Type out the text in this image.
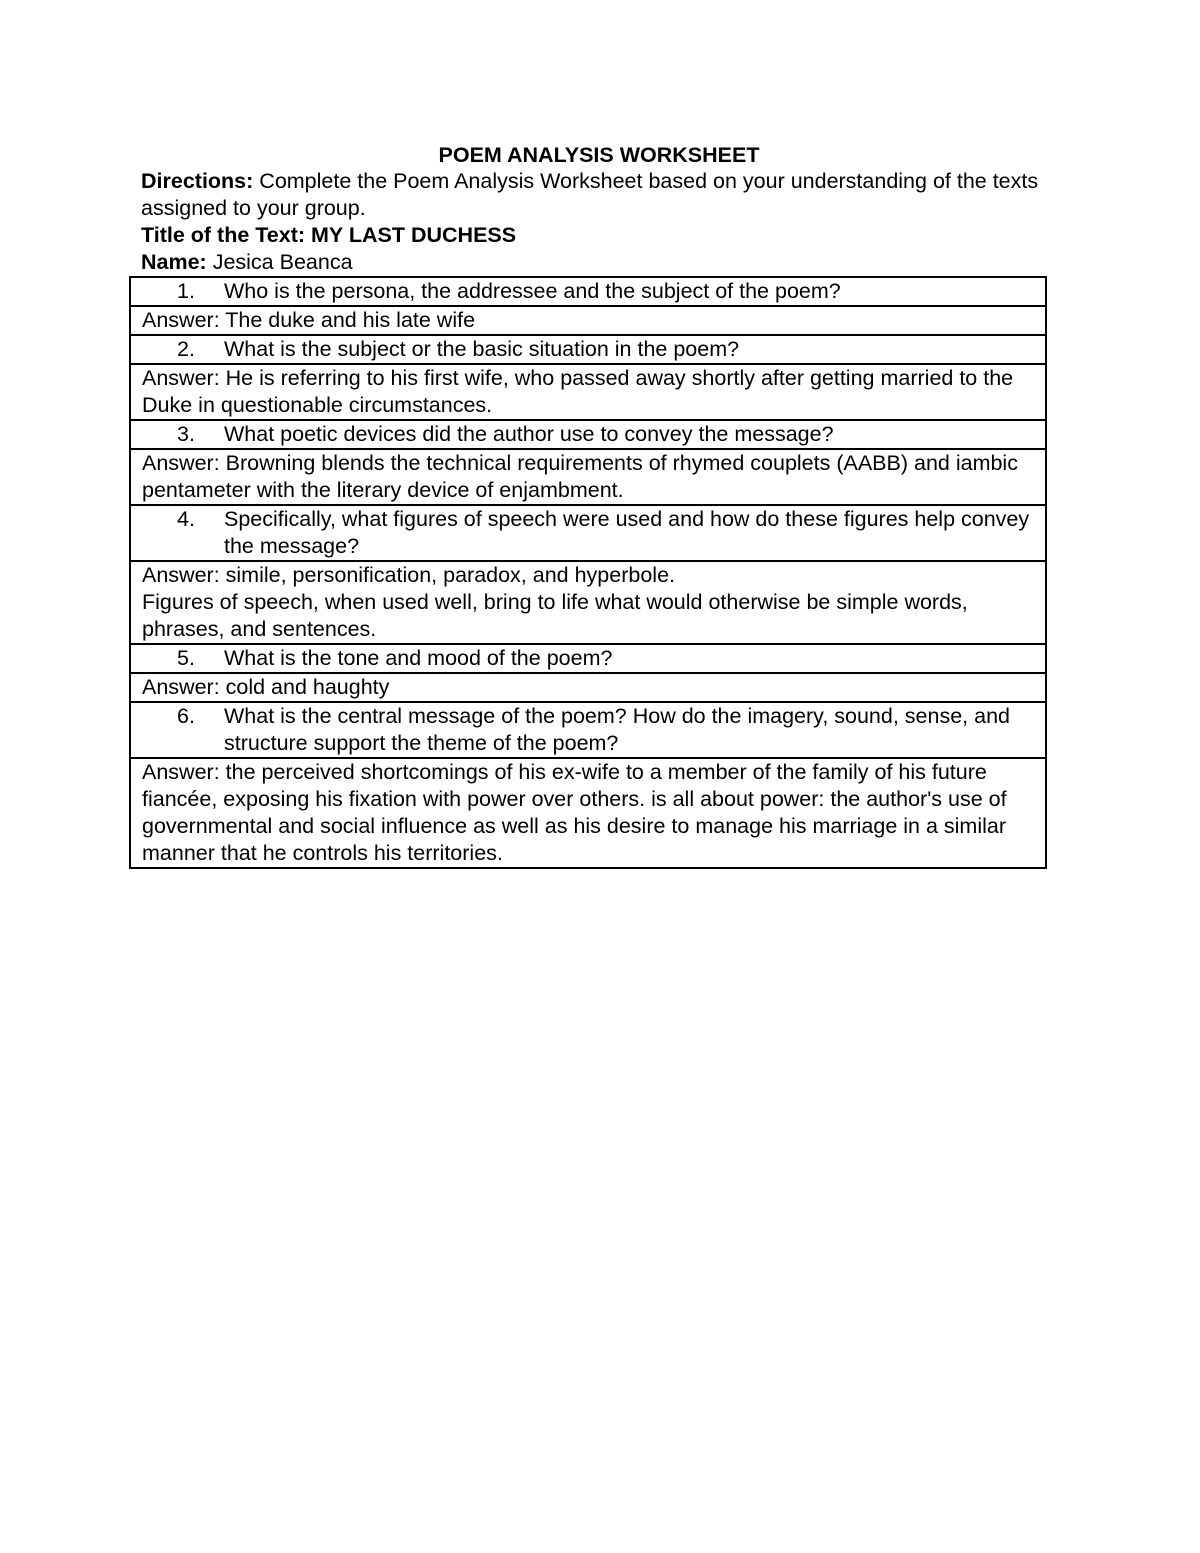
POEM ANALYSIS WORKSHEET
Directions: Complete the Poem Analysis Worksheet based on your understanding of the texts assigned to your group.
Title of the Text: MY LAST DUCHESS
Name: Jesica Beanca
1.	Who is the persona, the addressee and the subject of the poem?

Answer: The duke and his late wife

2.	What is the subject or the basic situation in the poem?

Answer: He is referring to his first wife, who passed away shortly after getting married to the Duke in questionable circumstances.

3.	What poetic devices did the author use to convey the message?

Answer: Browning blends the technical requirements of rhymed couplets (AABB) and iambic pentameter with the literary device of enjambment.

4.	Specifically, what figures of speech were used and how do these figures help convey the message?

Answer: simile, personification, paradox, and hyperbole.
Figures of speech, when used well, bring to life what would otherwise be simple words, phrases, and sentences.

5.	What is the tone and mood of the poem?

Answer: cold and haughty

6.	What is the central message of the poem? How do the imagery, sound, sense, and structure support the theme of the poem?

Answer: the perceived shortcomings of his ex-wife to a member of the family of his future fiancée, exposing his fixation with power over others. is all about power: the author's use of governmental and social influence as well as his desire to manage his marriage in a similar manner that he controls his territories.
